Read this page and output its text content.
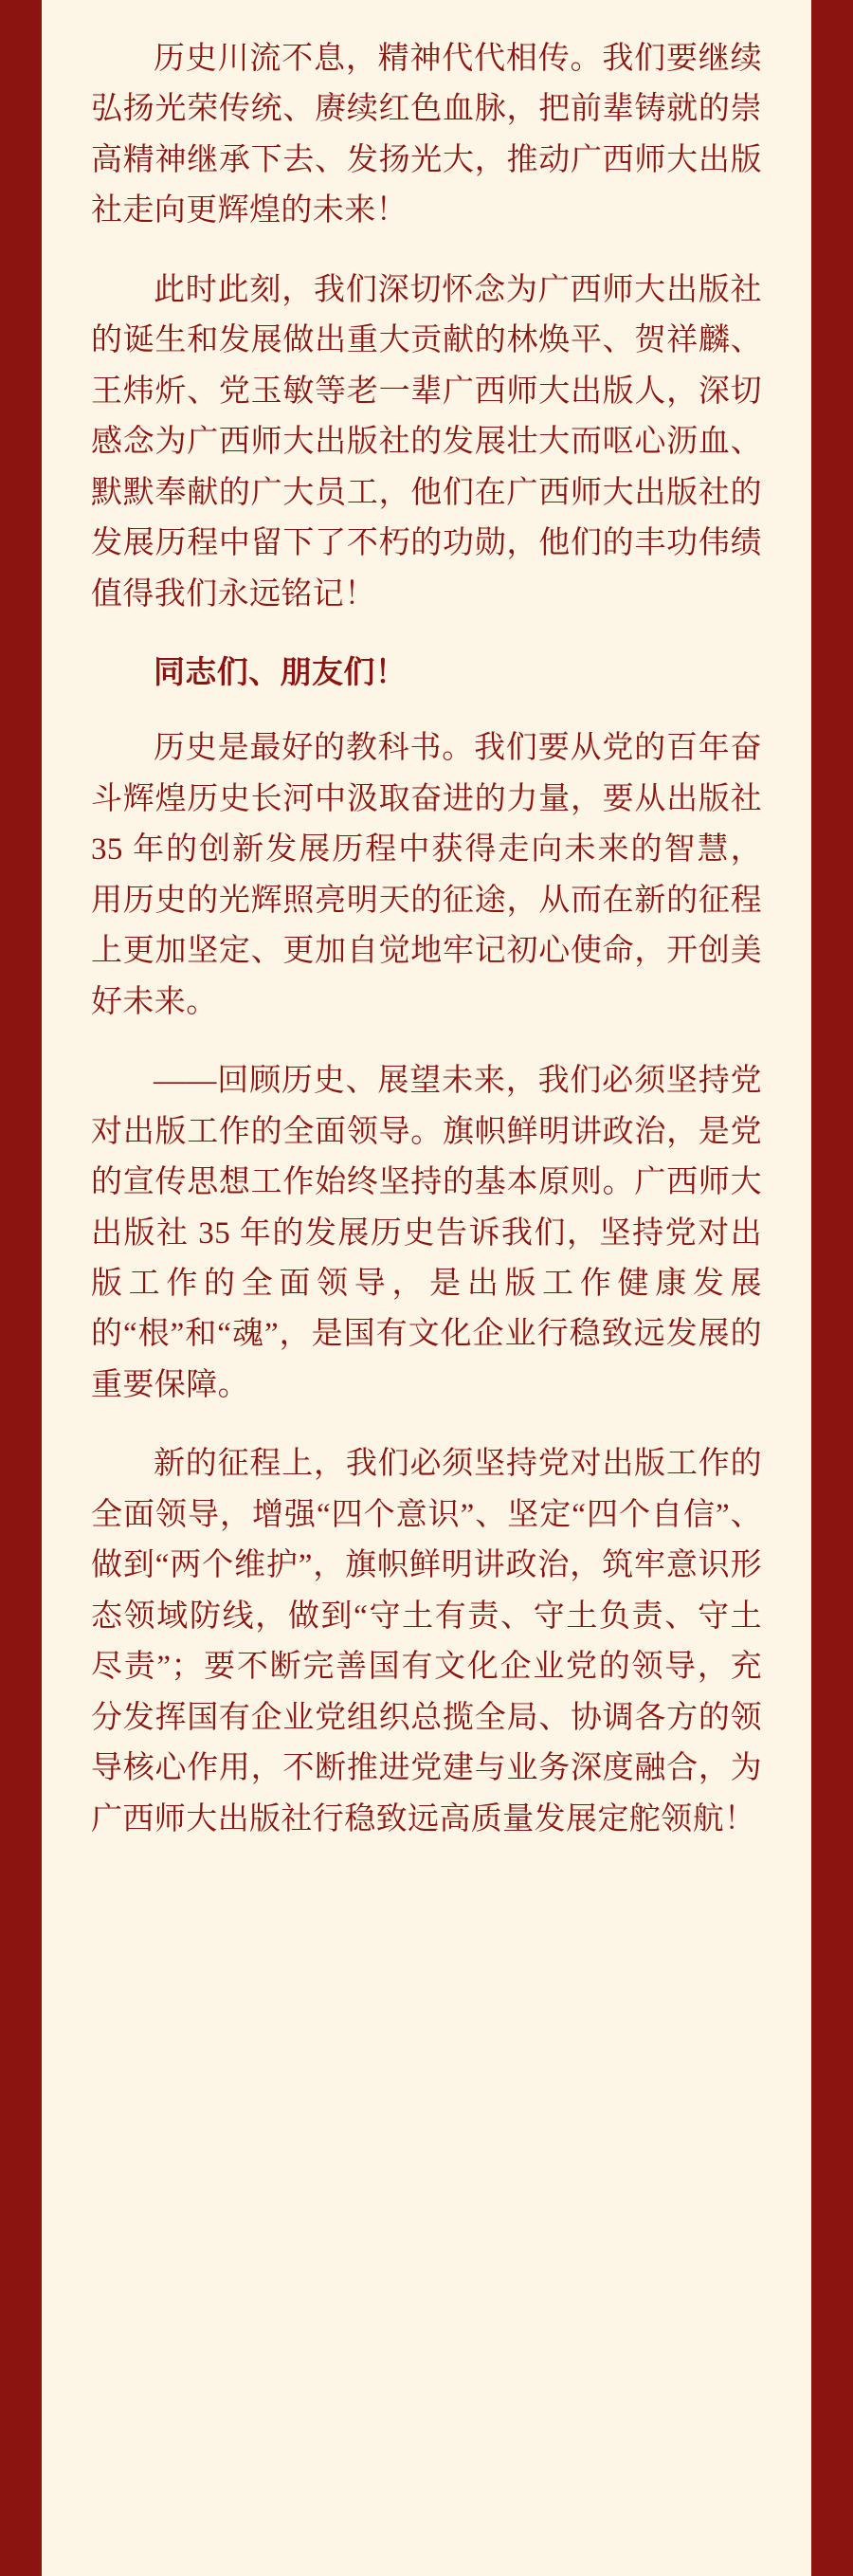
历史川流不息，精神代代相传。我们要继续弘扬光荣传统、赓续红色血脉，把前辈铸就的崇高精神继承下去、发扬光大，推动广西师大出版社走向更辉煌的未来！

此时此刻，我们深切怀念为广西师大出版社的诞生和发展做出重大贡献的林焕平、贺祥麟、王炜炘、党玉敏等老一辈广西师大出版人，深切感念为广西师大出版社的发展壮大而呕心沥血、默默奉献的广大员工，他们在广西师大出版社的发展历程中留下了不朽的功勋，他们的丰功伟绩值得我们永远铭记！

同志们、朋友们！

历史是最好的教科书。我们要从党的百年奋斗辉煌历史长河中汲取奋进的力量，要从出版社 35 年的创新发展历程中获得走向未来的智慧，用历史的光辉照亮明天的征途，从而在新的征程上更加坚定、更加自觉地牢记初心使命，开创美好未来。

——回顾历史、展望未来，我们必须坚持党对出版工作的全面领导。旗帜鲜明讲政治，是党的宣传思想工作始终坚持的基本原则。广西师大出版社 35 年的发展历史告诉我们，坚持党对出版工作的全面领导，是出版工作健康发展的“根”和“魂”，是国有文化企业行稳致远发展的重要保障。

新的征程上，我们必须坚持党对出版工作的全面领导，增强“四个意识”、坚定“四个自信”、做到“两个维护”，旗帜鲜明讲政治，筑牢意识形态领域防线，做到“守土有责、守土负责、守土尽责”；要不断完善国有文化企业党的领导，充分发挥国有企业党组织总揽全局、协调各方的领导核心作用，不断推进党建与业务深度融合，为广西师大出版社行稳致远高质量发展定舵领航！
